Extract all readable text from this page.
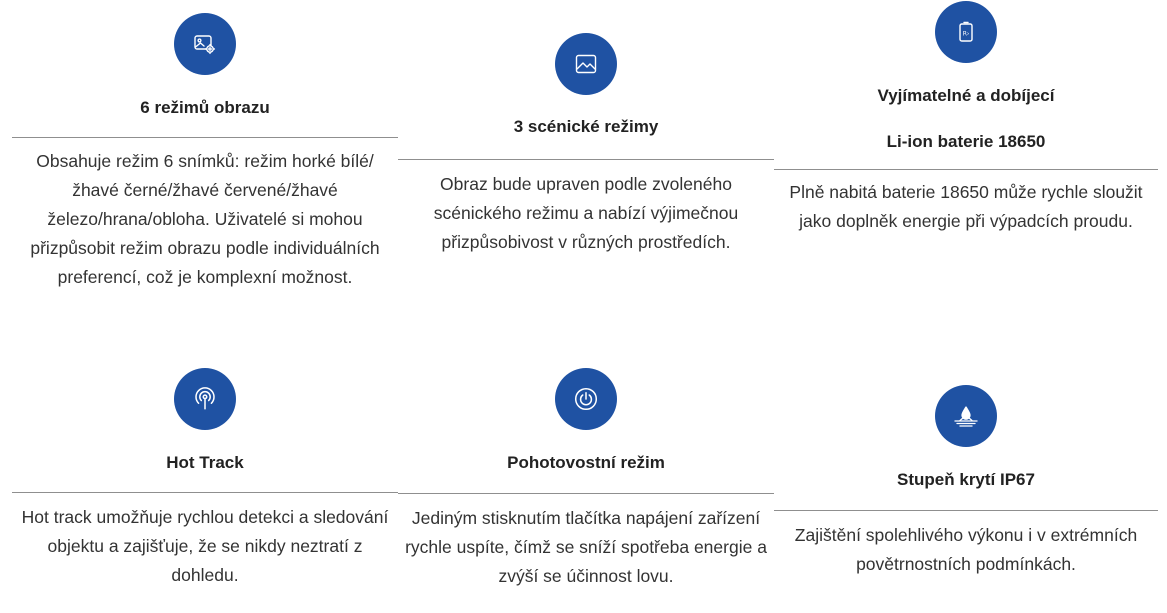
6 režimů obrazu
Obsahuje režim 6 snímků: režim horké bílé/žhavé černé/žhavé červené/žhavé železo/hrana/obloha. Uživatelé si mohou přizpůsobit režim obrazu podle individuálních preferencí, což je komplexní možnost.
3 scénické režimy
Obraz bude upraven podle zvoleného scénického režimu a nabízí výjimečnou přizpůsobivost v různých prostředích.
R›
Vyjímatelné a dobíjecí
Li-ion baterie 18650
Plně nabitá baterie 18650 může rychle sloužit jako doplněk energie při výpadcích proudu.
Hot Track
Hot track umožňuje rychlou detekci a sledování objektu a zajišťuje, že se nikdy neztratí z dohledu.
Pohotovostní režim
Jediným stisknutím tlačítka napájení zařízení rychle uspíte, čímž se sníží spotřeba energie a zvýší se účinnost lovu.
Stupeň krytí IP67
Zajištění spolehlivého výkonu i v extrémních povětrnostních podmínkách.
